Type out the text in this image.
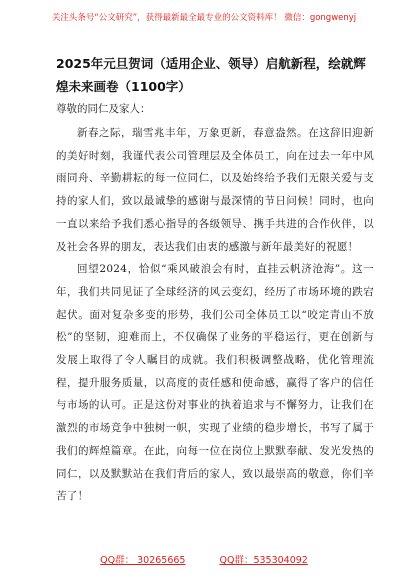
关注头条号“公文研究”，获得最新最全最专业的公文资料库！ 微信：gongwenyj
2025年元旦贺词（适用企业、领导）启航新程，绘就辉煌未来画卷（1100字）

尊敬的同仁及家人：

新春之际，瑞雪兆丰年，万象更新，春意盎然。在这辞旧迎新的美好时刻，我谨代表公司管理层及全体员工，向在过去一年中风雨同舟、辛勤耕耘的每一位同仁，以及始终给予我们无限关爱与支持的家人们，致以最诚挚的感谢与最深情的节日问候！同时，也向一直以来给予我们悉心指导的各级领导、携手共进的合作伙伴，以及社会各界的朋友，表达我们由衷的感激与新年最美好的祝愿！

回望2024，恰似“乘风破浪会有时，直挂云帆济沧海”。这一年，我们共同见证了全球经济的风云变幻，经历了市场环境的跌宕起伏。面对复杂多变的形势，我们公司全体员工以“咬定青山不放松”的坚韧，迎难而上，不仅确保了业务的平稳运行，更在创新与发展上取得了令人瞩目的成就。我们积极调整战略，优化管理流程，提升服务质量，以高度的责任感和使命感，赢得了客户的信任与市场的认可。正是这份对事业的执着追求与不懈努力，让我们在激烈的市场竞争中独树一帜，实现了业绩的稳步增长，书写了属于我们的辉煌篇章。在此，向每一位在岗位上默默奉献、发光发热的同仁，以及默默站在我们背后的家人，致以最崇高的敬意，你们辛苦了！

QQ群： 30265665	QQ群：535304092
